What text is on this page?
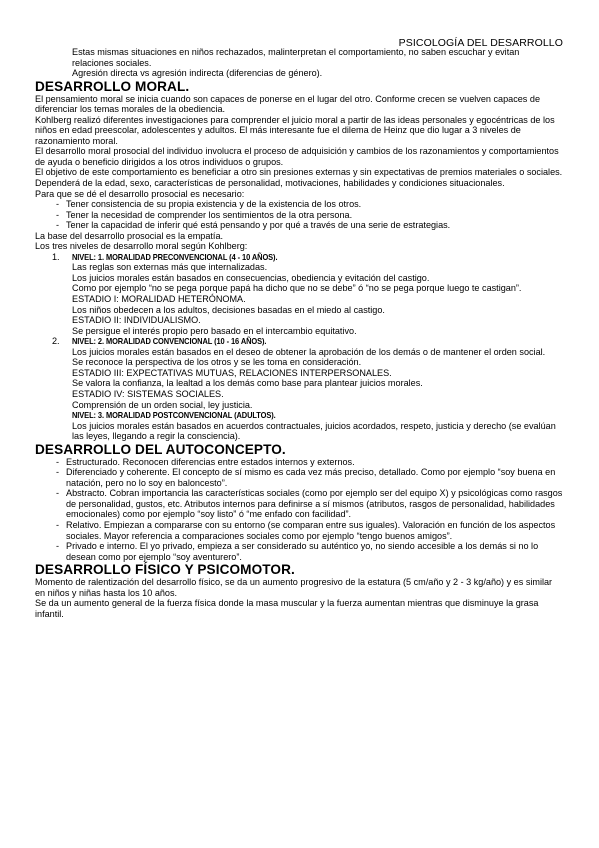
PSICOLOGÍA DEL DESARROLLO

Estas mismas situaciones en niños rechazados, malinterpretan el comportamiento, no saben escuchar y evitan relaciones sociales.

Agresión directa vs agresión indirecta (diferencias de género).

DESARROLLO MORAL.

El pensamiento moral se inicia cuando son capaces de ponerse en el lugar del otro. Conforme crecen se vuelven capaces de diferenciar los temas morales de la obediencia.

Kohlberg realizó diferentes investigaciones para comprender el juicio moral a partir de las ideas personales y egocéntricas de los niños en edad preescolar, adolescentes y adultos. El más interesante fue el dilema de Heinz que dio lugar a 3 niveles de razonamiento moral.

El desarrollo moral prosocial del individuo involucra el proceso de adquisición y cambios de los razonamientos y comportamientos de ayuda o beneficio dirigidos a los otros individuos o grupos.

El objetivo de este comportamiento es beneficiar a otro sin presiones externas y sin expectativas de premios materiales o sociales.

Dependerá de la edad, sexo, características de personalidad, motivaciones, habilidades y condiciones situacionales.

Para que se dé el desarrollo prosocial es necesario:

- Tener consistencia de su propia existencia y de la existencia de los otros.
- Tener la necesidad de comprender los sentimientos de la otra persona.
- Tener la capacidad de inferir qué está pensando y por qué a través de una serie de estrategias.

La base del desarrollo prosocial es la empatía.

Los tres niveles de desarrollo moral según Kohlberg:

1. NIVEL: 1. MORALIDAD PRECONVENCIONAL (4 - 10 AÑOS).

Las reglas son externas más que internalizadas.

Los juicios morales están basados en consecuencias, obediencia y evitación del castigo.

Como por ejemplo “no se pega porque papá ha dicho que no se debe” ó “no se pega porque luego te castigan”.

ESTADIO I: MORALIDAD HETERÓNOMA.

Los niños obedecen a los adultos, decisiones basadas en el miedo al castigo.

ESTADIO II: INDIVIDUALISMO.

Se persigue el interés propio pero basado en el intercambio equitativo.

2. NIVEL: 2. MORALIDAD CONVENCIONAL (10 - 16 AÑOS).

Los juicios morales están basados en el deseo de obtener la aprobación de los demás o de mantener el orden social.

Se reconoce la perspectiva de los otros y se les toma en consideración.

ESTADIO III: EXPECTATIVAS MUTUAS, RELACIONES INTERPERSONALES.

Se valora la confianza, la lealtad a los demás como base para plantear juicios morales.

ESTADIO IV: SISTEMAS SOCIALES.

Comprensión de un orden social, ley justicia.

NIVEL: 3. MORALIDAD POSTCONVENCIONAL (ADULTOS).

Los juicios morales están basados en acuerdos contractuales, juicios acordados, respeto, justicia y derecho (se evalúan las leyes, llegando a regir la consciencia).

DESARROLLO DEL AUTOCONCEPTO.
- Estructurado. Reconocen diferencias entre estados internos y externos.
- Diferenciado y coherente. El concepto de sí mismo es cada vez más preciso, detallado. Como por ejemplo “soy buena en natación, pero no lo soy en baloncesto”.
- Abstracto. Cobran importancia las características sociales (como por ejemplo ser del equipo X) y psicológicas como rasgos de personalidad, gustos, etc. Atributos internos para definirse a sí mismos (atributos, rasgos de personalidad, habilidades emocionales) como por ejemplo “soy listo” ó “me enfado con facilidad”.
- Relativo. Empiezan a compararse con su entorno (se comparan entre sus iguales). Valoración en función de los aspectos sociales. Mayor referencia a comparaciones sociales como por ejemplo “tengo buenos amigos”.
- Privado e interno. El yo privado, empieza a ser considerado su auténtico yo, no siendo accesible a los demás si no lo desean como por ejemplo “soy aventurero”.
DESARROLLO FÍSICO Y PSICOMOTOR.

Momento de ralentización del desarrollo físico, se da un aumento progresivo de la estatura (5 cm/año y 2 - 3 kg/año) y es similar en niños y niñas hasta los 10 años.

Se da un aumento general de la fuerza física donde la masa muscular y la fuerza aumentan mientras que disminuye la grasa infantil.
